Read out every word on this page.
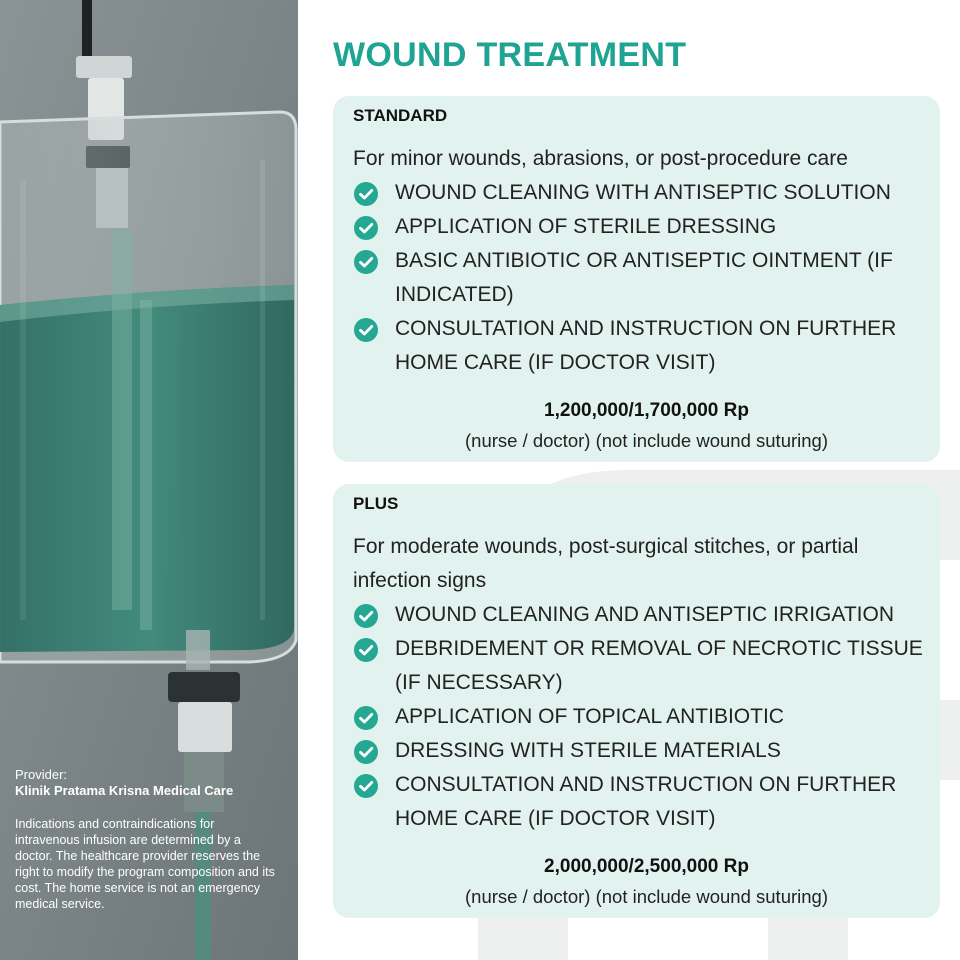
Provider:
Klinik Pratama Krisna Medical Care
Indications and contraindications for intravenous infusion are determined by a doctor. The healthcare provider reserves the right to modify the program composition and its cost. The home service is not an emergency medical service.
WOUND TREATMENT
STANDARD
For minor wounds, abrasions, or post-procedure care
WOUND CLEANING WITH ANTISEPTIC SOLUTION
APPLICATION OF STERILE DRESSING
BASIC ANTIBIOTIC OR ANTISEPTIC OINTMENT (IF INDICATED)
CONSULTATION AND INSTRUCTION ON FURTHER HOME CARE (IF DOCTOR VISIT)
1,200,000/1,700,000 Rp
(nurse / doctor) (not include wound suturing)
PLUS
For moderate wounds, post-surgical stitches, or partial infection signs
WOUND CLEANING AND ANTISEPTIC IRRIGATION
DEBRIDEMENT OR REMOVAL OF NECROTIC TISSUE (IF NECESSARY)
APPLICATION OF TOPICAL ANTIBIOTIC
DRESSING WITH STERILE MATERIALS
CONSULTATION AND INSTRUCTION ON FURTHER HOME CARE (IF DOCTOR VISIT)
2,000,000/2,500,000 Rp
(nurse / doctor) (not include wound suturing)
